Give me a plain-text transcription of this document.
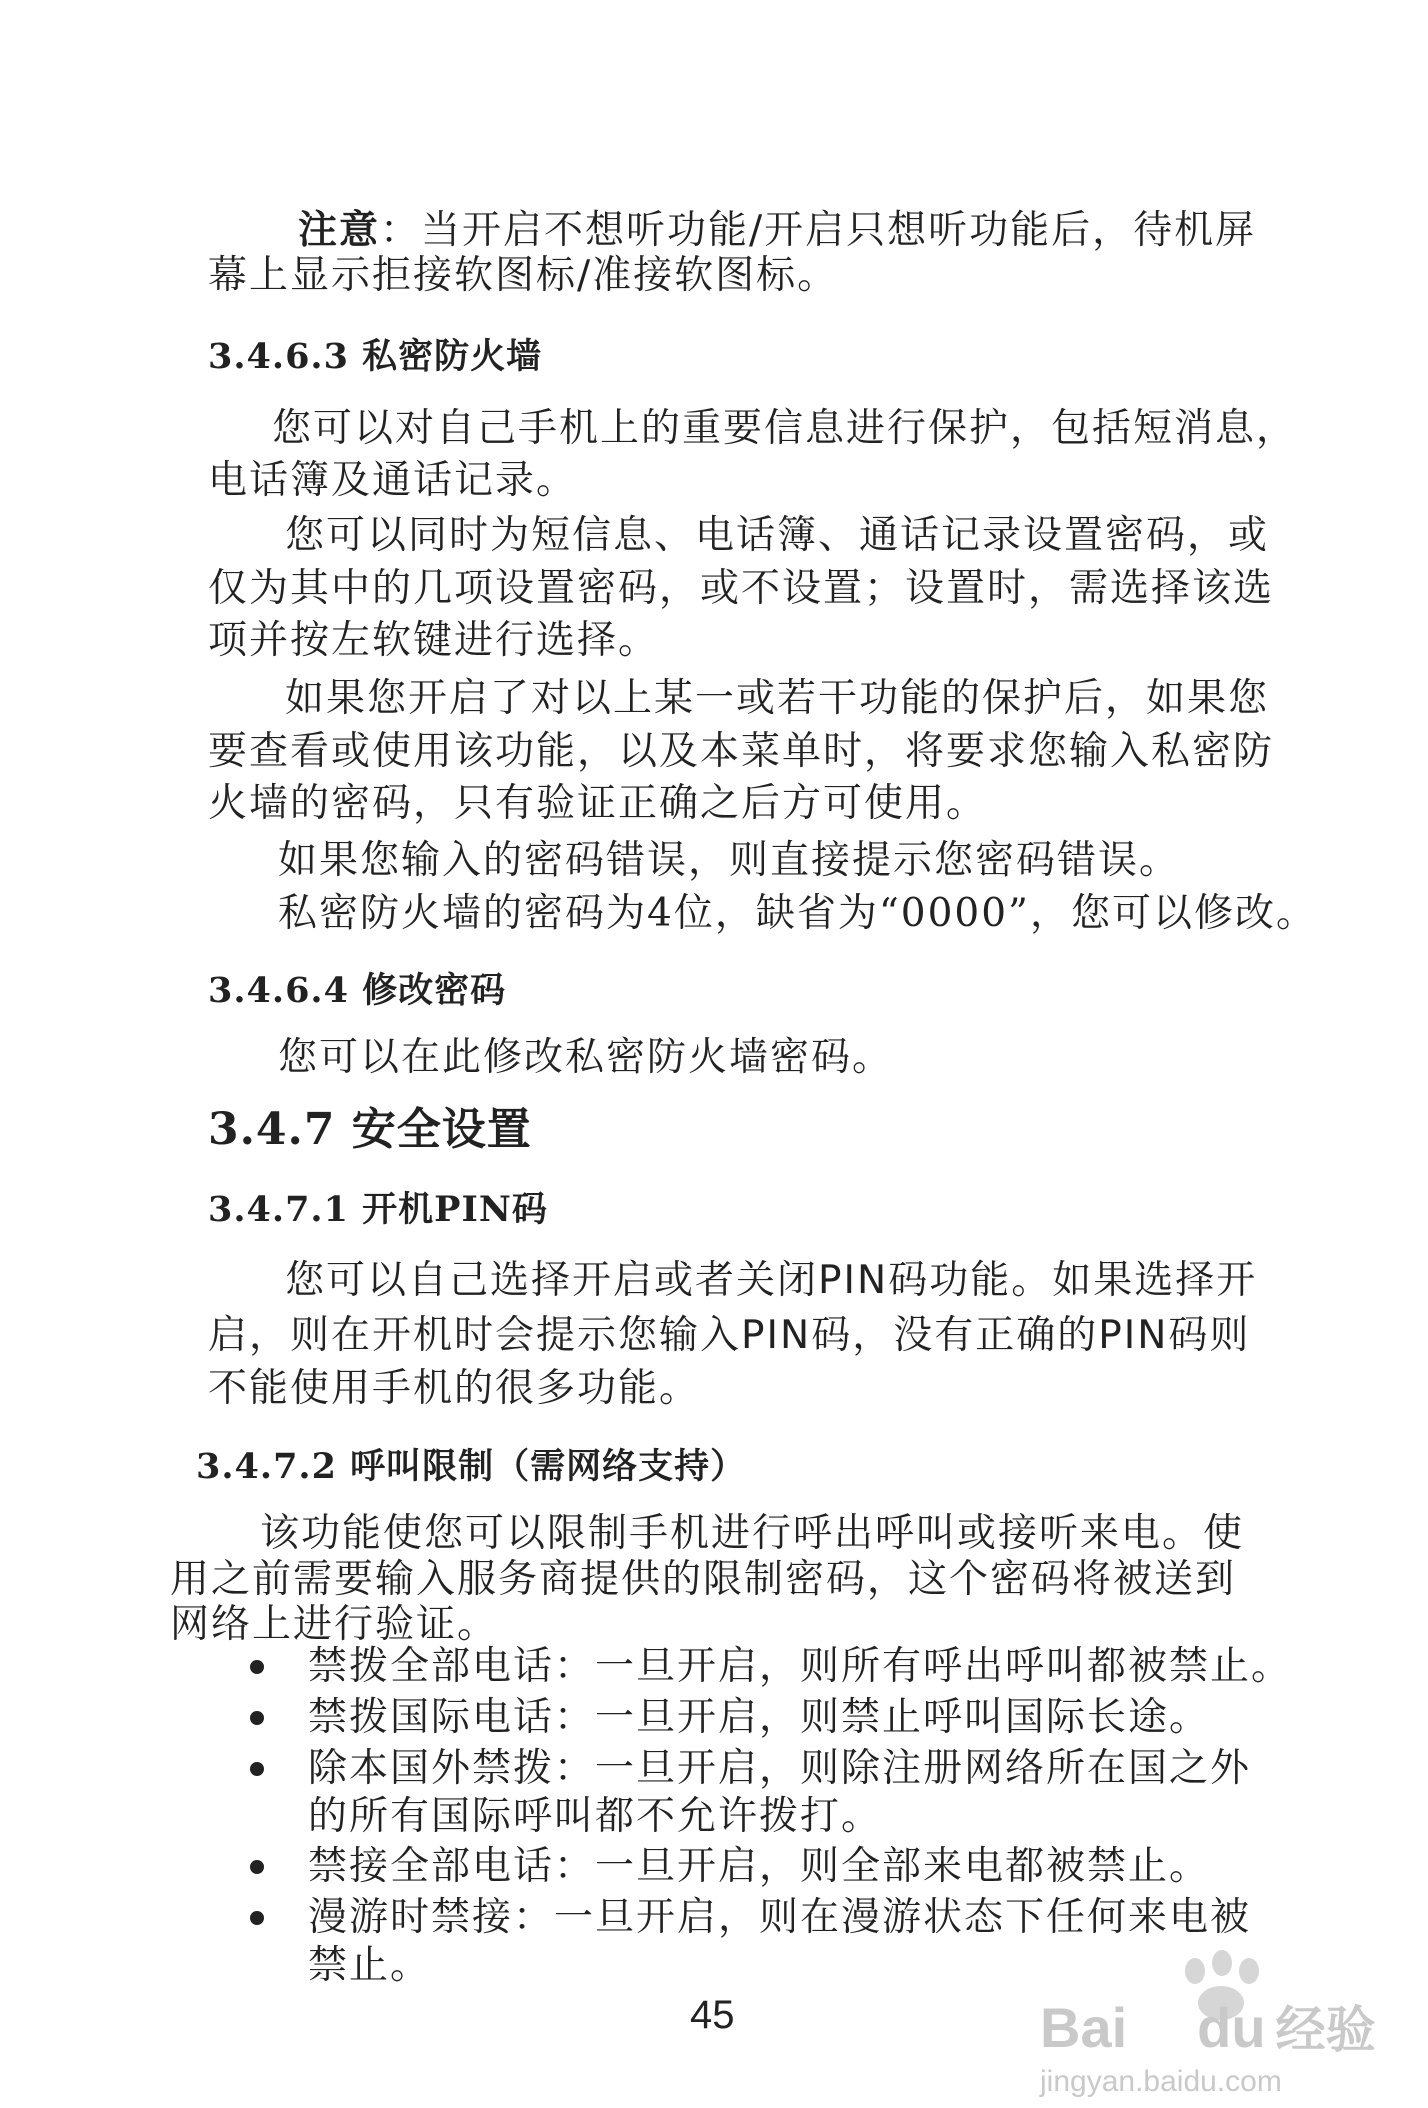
注意：当开启不想听功能/开启只想听功能后，待机屏
幕上显示拒接软图标/准接软图标。
3.4.6.3 私密防火墙
您可以对自己手机上的重要信息进行保护，包括短消息，
电话簿及通话记录。
您可以同时为短信息、电话簿、通话记录设置密码，或
仅为其中的几项设置密码，或不设置；设置时，需选择该选
项并按左软键进行选择。
如果您开启了对以上某一或若干功能的保护后，如果您
要查看或使用该功能，以及本菜单时，将要求您输入私密防
火墙的密码，只有验证正确之后方可使用。
如果您输入的密码错误，则直接提示您密码错误。
私密防火墙的密码为4位，缺省为“0000”，您可以修改。
3.4.6.4 修改密码
您可以在此修改私密防火墙密码。
3.4.7 安全设置
3.4.7.1 开机PIN码
您可以自己选择开启或者关闭PIN码功能。如果选择开
启，则在开机时会提示您输入PIN码，没有正确的PIN码则
不能使用手机的很多功能。
3.4.7.2 呼叫限制（需网络支持）
该功能使您可以限制手机进行呼出呼叫或接听来电。使
用之前需要输入服务商提供的限制密码，这个密码将被送到
网络上进行验证。
禁拨全部电话：一旦开启，则所有呼出呼叫都被禁止。
禁拨国际电话：一旦开启，则禁止呼叫国际长途。
除本国外禁拨：一旦开启，则除注册网络所在国之外
的所有国际呼叫都不允许拨打。
禁接全部电话：一旦开启，则全部来电都被禁止。
漫游时禁接：一旦开启，则在漫游状态下任何来电被
禁止。
45	Bai du 经验
jingyan.baidu.com
